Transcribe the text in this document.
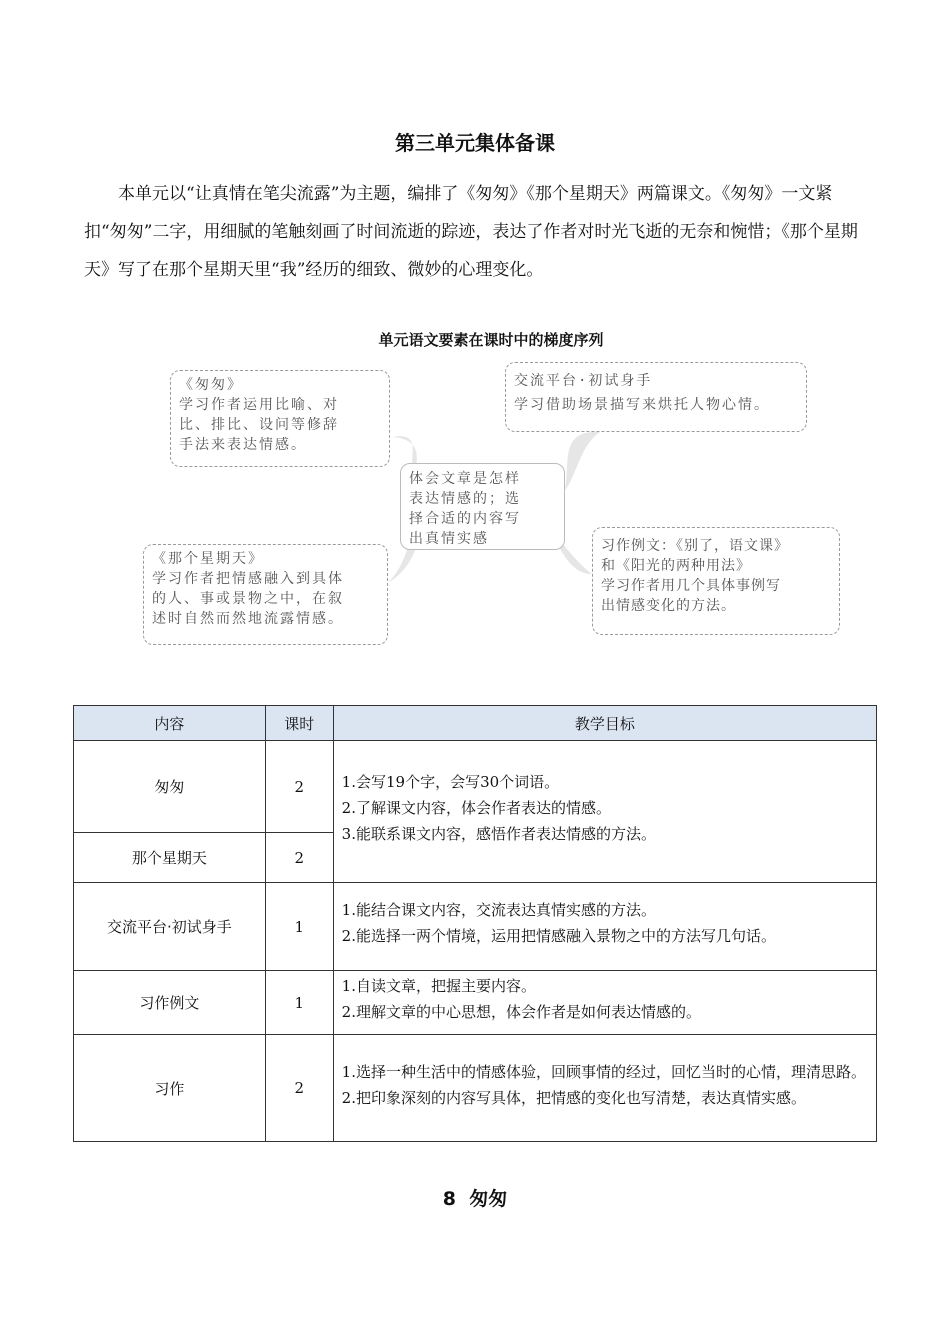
第三单元集体备课

本单元以“让真情在笔尖流露”为主题，编排了《匆匆》《那个星期天》两篇课文。《匆匆》一文紧扣“匆匆”二字，用细腻的笔触刻画了时间流逝的踪迹，表达了作者对时光飞逝的无奈和惋惜；《那个星期天》写了在那个星期天里“我”经历的细致、微妙的心理变化。

单元语文要素在课时中的梯度序列
《匆匆》
学习作者运用比喻、对
比、排比、设问等修辞
手法来表达情感。
交流平台·初试身手
学习借助场景描写来烘托人物心情。
体会文章是怎样
表达情感的；选
择合适的内容写
出真情实感
《那个星期天》
学习作者把情感融入到具体
的人、事或景物之中，在叙
述时自然而然地流露情感。
习作例文：《别了，语文课》
和《阳光的两种用法》
学习作者用几个具体事例写
出情感变化的方法。
内容	课时	教学目标
匆匆	2	1.会写19个字，会写30个词语。

2.了解课文内容，体会作者表达的情感。

3.能联系课文内容，感悟作者表达情感的方法。

那个星期天	2	
交流平台·初试身手	1	1.能结合课文内容，交流表达真情实感的方法。

2.能选择一两个情境，运用把情感融入景物之中的方法写几句话。

习作例文	1	1.自读文章，把握主要内容。

2.理解文章的中心思想，体会作者是如何表达情感的。

习作	2	1.选择一种生活中的情感体验，回顾事情的经过，回忆当时的心情，理清思路。

2.把印象深刻的内容写具体，把情感的变化也写清楚，表达真情实感。

8  匆匆
